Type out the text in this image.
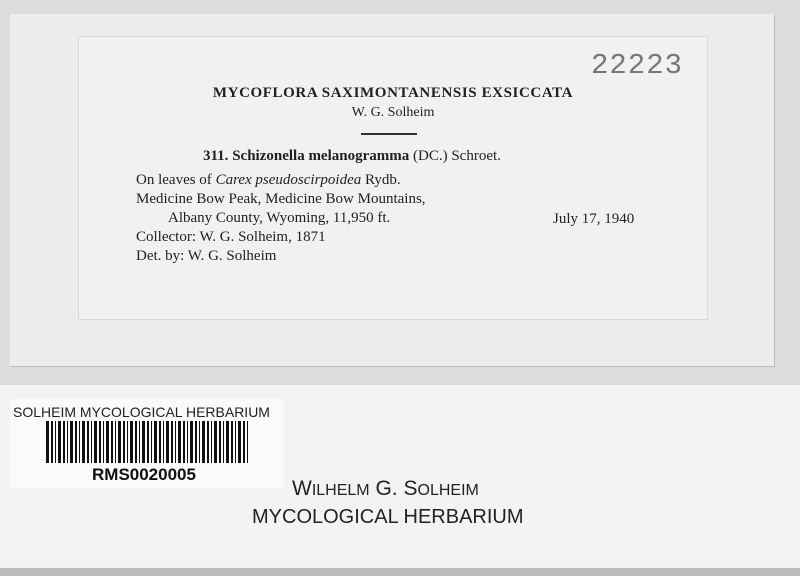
22223
MYCOFLORA SAXIMONTANENSIS EXSICCATA
W. G. Solheim
311. Schizonella melanogramma (DC.) Schroet.
On leaves of Carex pseudoscirpoidea Rydb.
Medicine Bow Peak, Medicine Bow Mountains,
Albany County, Wyoming, 11,950 ft.	July 17, 1940
Collector: W. G. Solheim, 1871
Det. by: W. G. Solheim
SOLHEIM MYCOLOGICAL HERBARIUM
RMS0020005
WILHELM G. SOLHEIM
MYCOLOGICAL HERBARIUM
